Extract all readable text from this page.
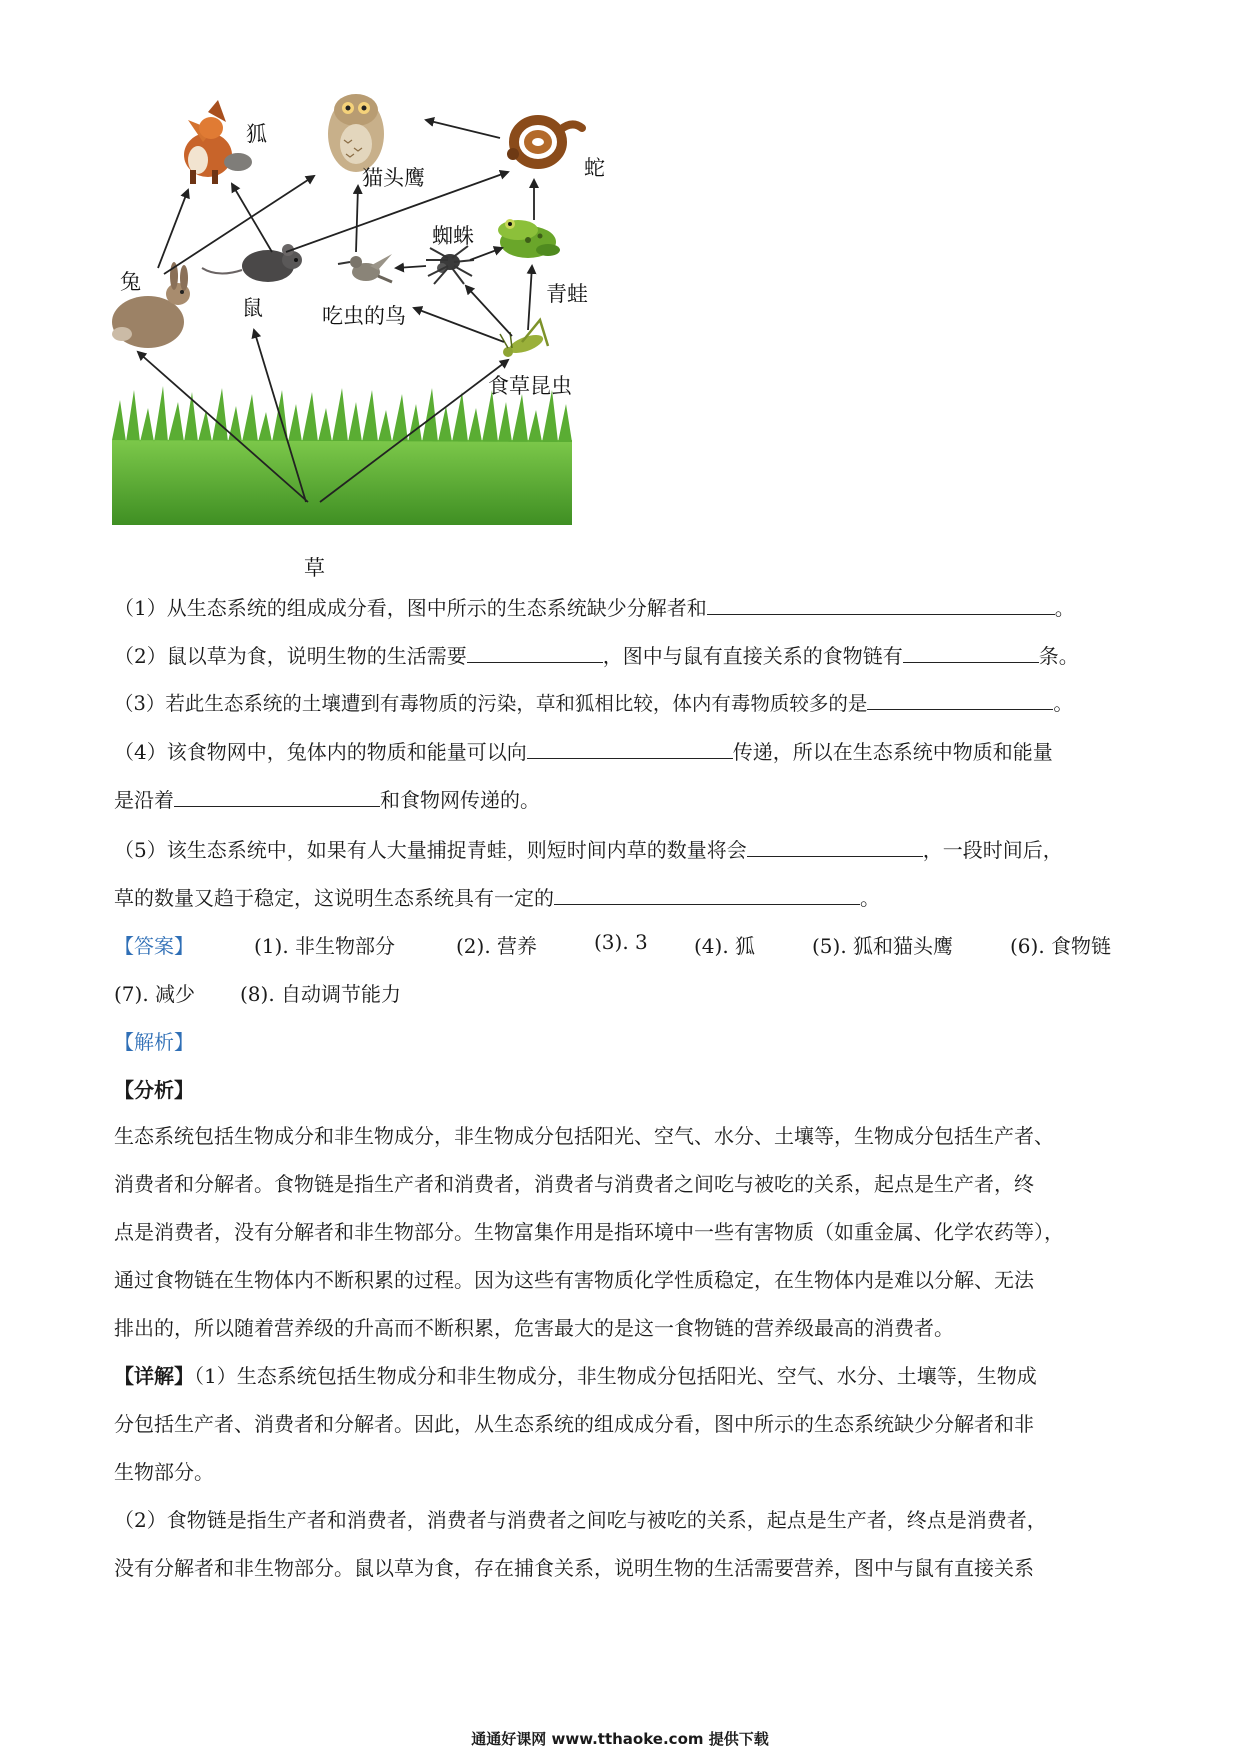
狐
猫头鹰	蛇
蜘蛛
青蛙
兔
鼠	吃虫的鸟
食草昆虫
草
（1）从生态系统的组成成分看，图中所示的生态系统缺少分解者和	。
（2）鼠以草为食，说明生物的生活需要	，图中与鼠有直接关系的食物链有	条。
（3）若此生态系统的土壤遭到有毒物质的污染，草和狐相比较，体内有毒物质较多的是	。
（4）该食物网中，兔体内的物质和能量可以向	传递，所以在生态系统中物质和能量
是沿着	和食物网传递的。
（5）该生态系统中，如果有人大量捕捉青蛙，则短时间内草的数量将会	，一段时间后，
草的数量又趋于稳定，这说明生态系统具有一定的	。
【答案】	(1). 非生物部分	(2). 营养	(3). 3 (4). 狐	(5). 狐和猫头鹰	(6). 食物链
(7). 减少 (8). 自动调节能力
【解析】
【分析】
生态系统包括生物成分和非生物成分，非生物成分包括阳光、空气、水分、土壤等，生物成分包括生产者、
消费者和分解者。食物链是指生产者和消费者，消费者与消费者之间吃与被吃的关系，起点是生产者，终
点是消费者，没有分解者和非生物部分。生物富集作用是指环境中一些有害物质（如重金属、化学农药等），
通过食物链在生物体内不断积累的过程。因为这些有害物质化学性质稳定，在生物体内是难以分解、无法
排出的，所以随着营养级的升高而不断积累，危害最大的是这一食物链的营养级最高的消费者。
【详解】（1）生态系统包括生物成分和非生物成分，非生物成分包括阳光、空气、水分、土壤等，生物成
分包括生产者、消费者和分解者。因此，从生态系统的组成成分看，图中所示的生态系统缺少分解者和非
生物部分。
（2）食物链是指生产者和消费者，消费者与消费者之间吃与被吃的关系，起点是生产者，终点是消费者，
没有分解者和非生物部分。鼠以草为食，存在捕食关系，说明生物的生活需要营养，图中与鼠有直接关系
通通好课网 www.tthaoke.com 提供下载
